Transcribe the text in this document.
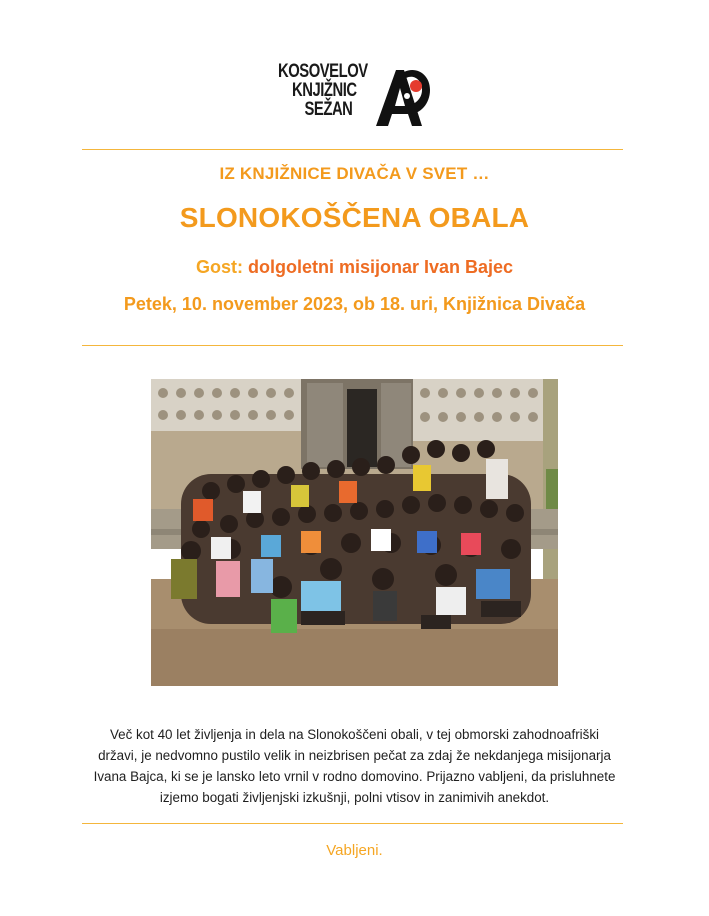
KOSOVELOV
KNJIŽNIC
SEŽAN
IZ KNJIŽNICE DIVAČA V SVET …
SLONOKOŠČENA OBALA
Gost: dolgoletni misijonar Ivan Bajec
Petek, 10. november 2023, ob 18. uri, Knjižnica Divača
Več kot 40 let življenja in dela na Slonokoščeni obali, v tej obmorski zahodnoafriški državi, je nedvomno pustilo velik in neizbrisen pečat za zdaj že nekdanjega misijonarja Ivana Bajca, ki se je lansko leto vrnil v rodno domovino. Prijazno vabljeni, da prisluhnete izjemo bogati življenjski izkušnji, polni vtisov in zanimivih anekdot.
Vabljeni.
